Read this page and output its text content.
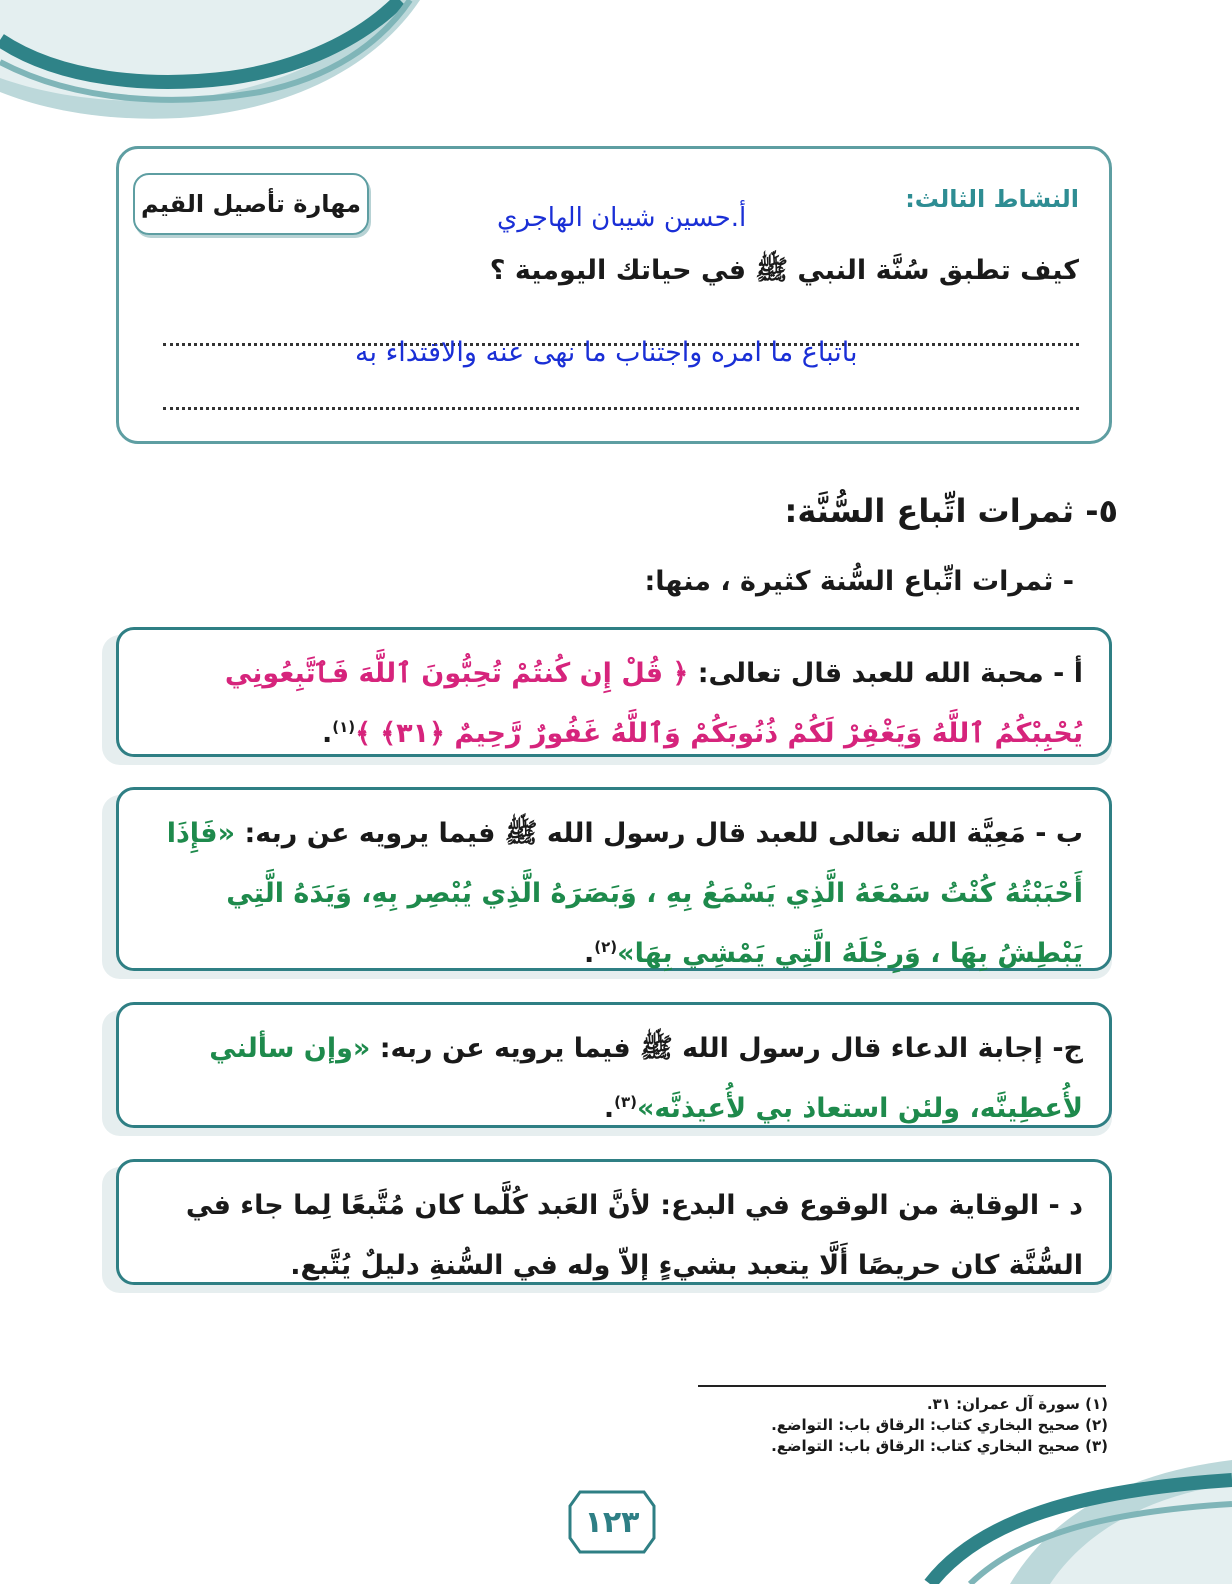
النشاط الثالث:
مهارة تأصيل القيم	أ.حسين شيبان الهاجري
كيف تطبق سُنَّة النبي ﷺ في حياتك اليومية ؟
باتباع ما امره واجتناب ما نهى عنه والاقتداء به
٥- ثمرات اتِّباع السُّنَّة:
- ثمرات اتِّباع السُّنة كثيرة ، منها:
أ - محبة الله للعبد قال تعالى: ﴿ قُلْ إِن كُنتُمْ تُحِبُّونَ ٱللَّهَ فَٱتَّبِعُونِي يُحْبِبْكُمُ ٱللَّهُ وَيَغْفِرْ لَكُمْ ذُنُوبَكُمْ وَٱللَّهُ غَفُورٌ رَّحِيمٌ ﴿٣١﴾ ﴾$^{(١)}$.
ب - مَعِيَّة الله تعالى للعبد قال رسول الله ﷺ فيما يرويه عن ربه: «فَإِذَا أَحْبَبْتُهُ كُنْتُ سَمْعَهُ الَّذِي يَسْمَعُ بِهِ ، وَبَصَرَهُ الَّذِي يُبْصِر بِهِ، وَيَدَهُ الَّتِي يَبْطِشُ بِهَا ، وَرِجْلَهُ الَّتِي يَمْشِي بِهَا»$^{(٢)}$.
ج- إجابة الدعاء قال رسول الله ﷺ فيما يرويه عن ربه: «وإن سألني لأُعطِينَّه، ولئن استعاذ بي لأُعيذنَّه»$^{(٣)}$.
د - الوقاية من الوقوع في البدع: لأنَّ العَبد كُلَّما كان مُتَّبعًا لِما جاء في السُّنَّة كان حريصًا أَلَّا يتعبد بشيءٍ إلاّ وله في السُّنةِ دليلٌ يُتَّبع.
(١) سورة آل عمران: ٣١.
(٢) صحيح البخاري كتاب: الرقاق باب: التواضع.
(٣) صحيح البخاري كتاب: الرقاق باب: التواضع.
١٢٣
